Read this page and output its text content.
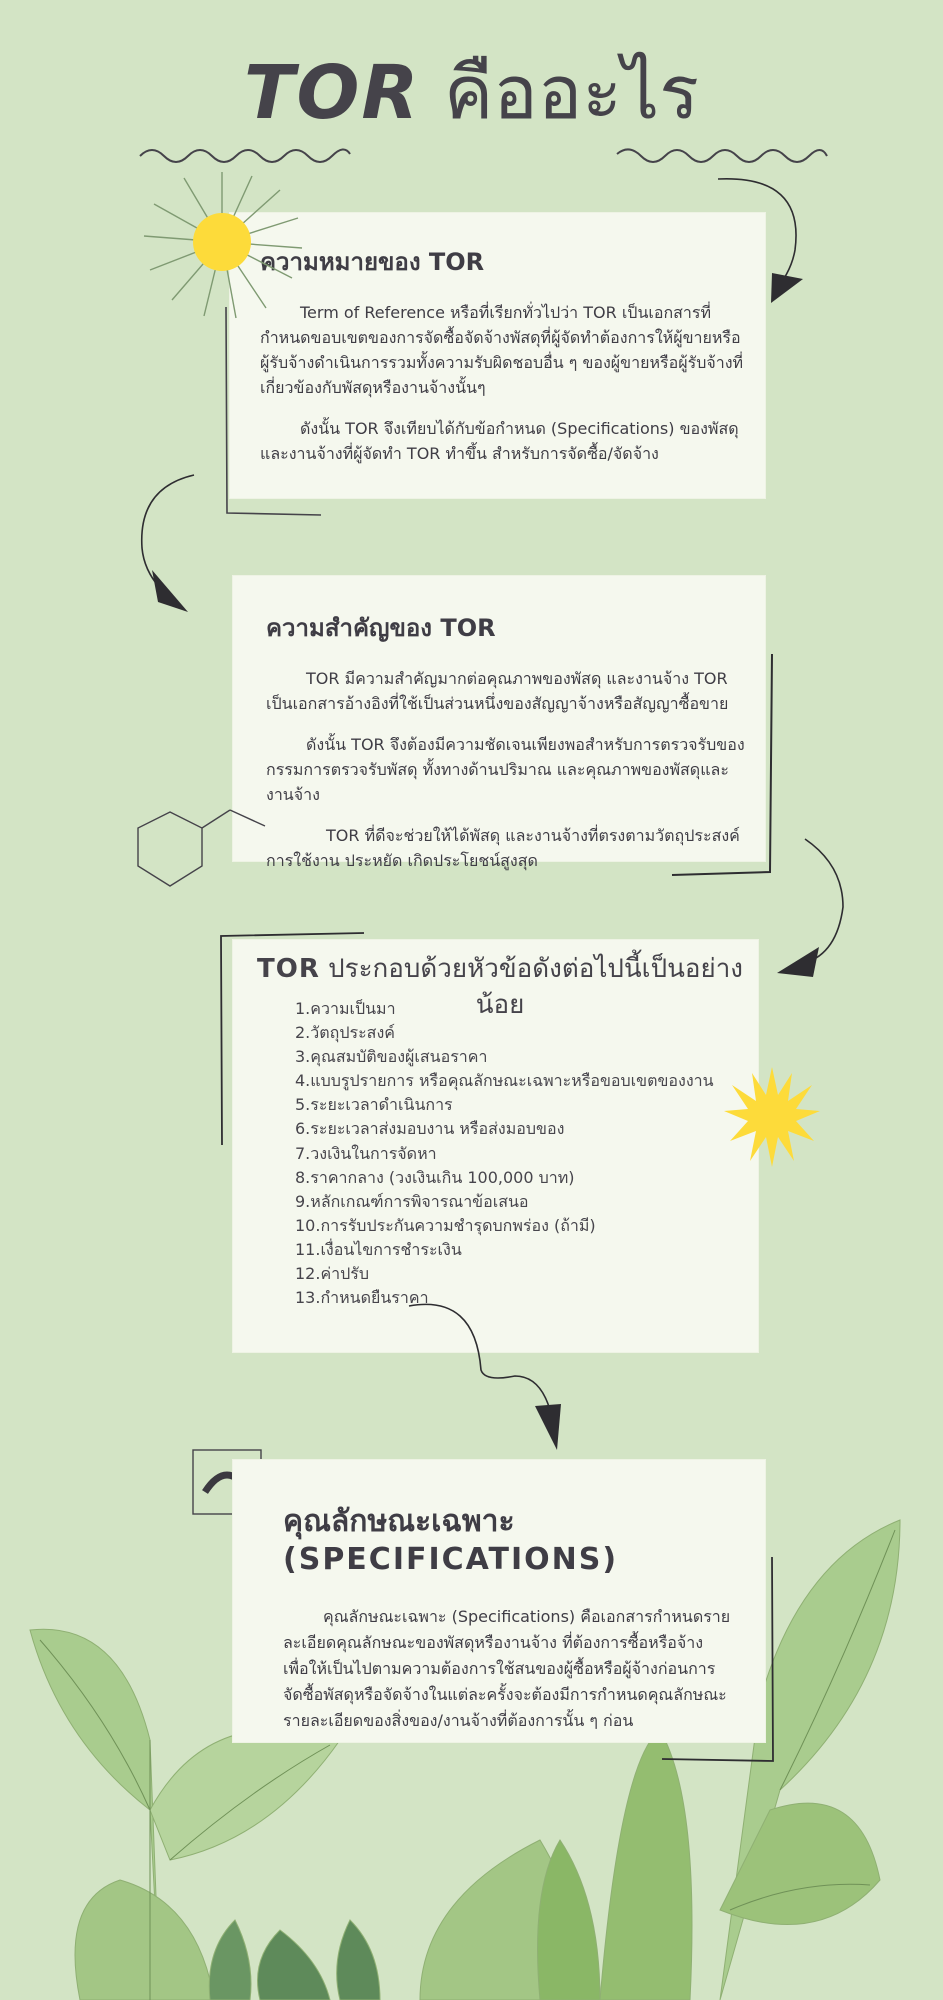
TOR คืออะไร
ความหมายของ TOR

Term of Reference หรือที่เรียกทั่วไปว่า TOR เป็นเอกสารที่กำหนดขอบเขตของการจัดซื้อจัดจ้างพัสดุที่ผู้จัดทำต้องการให้ผู้ขายหรือผู้รับจ้างดำเนินการรวมทั้งความรับผิดชอบอื่น ๆ ของผู้ขายหรือผู้รับจ้างที่เกี่ยวข้องกับพัสดุหรืองานจ้างนั้นๆ

ดังนั้น TOR จึงเทียบได้กับข้อกำหนด (Specifications) ของพัสดุและงานจ้างที่ผู้จัดทำ TOR ทำขึ้น สำหรับการจัดซื้อ/จัดจ้าง

ความสำคัญของ TOR

TOR มีความสำคัญมากต่อคุณภาพของพัสดุ และงานจ้าง TOR เป็นเอกสารอ้างอิงที่ใช้เป็นส่วนหนึ่งของสัญญาจ้างหรือสัญญาซื้อขาย

ดังนั้น TOR จึงต้องมีความชัดเจนเพียงพอสำหรับการตรวจรับของกรรมการตรวจรับพัสดุ ทั้งทางด้านปริมาณ และคุณภาพของพัสดุและงานจ้าง

TOR ที่ดีจะช่วยให้ได้พัสดุ และงานจ้างที่ตรงตามวัตถุประสงค์การใช้งาน ประหยัด เกิดประโยชน์สูงสุด

TOR ประกอบด้วยหัวข้อดังต่อไปนี้เป็นอย่างน้อย
1.ความเป็นมา
2.วัตถุประสงค์
3.คุณสมบัติของผู้เสนอราคา
4.แบบรูปรายการ หรือคุณลักษณะเฉพาะหรือขอบเขตของงาน
5.ระยะเวลาดำเนินการ
6.ระยะเวลาส่งมอบงาน หรือส่งมอบของ
7.วงเงินในการจัดหา
8.ราคากลาง (วงเงินเกิน 100,000 บาท)
9.หลักเกณฑ์การพิจารณาข้อเสนอ
10.การรับประกันความชำรุดบกพร่อง (ถ้ามี)
11.เงื่อนไขการชำระเงิน
12.ค่าปรับ
13.กำหนดยืนราคา
คุณลักษณะเฉพาะ
(SPECIFICATIONS)

คุณลักษณะเฉพาะ (Specifications) คือเอกสารกำหนดรายละเอียดคุณลักษณะของพัสดุหรืองานจ้าง ที่ต้องการซื้อหรือจ้าง เพื่อให้เป็นไปตามความต้องการใช้สนของผู้ซื้อหรือผู้จ้างก่อนการจัดซื้อพัสดุหรือจัดจ้างในแต่ละครั้งจะต้องมีการกำหนดคุณลักษณะรายละเอียดของสิ่งของ/งานจ้างที่ต้องการนั้น ๆ ก่อน
